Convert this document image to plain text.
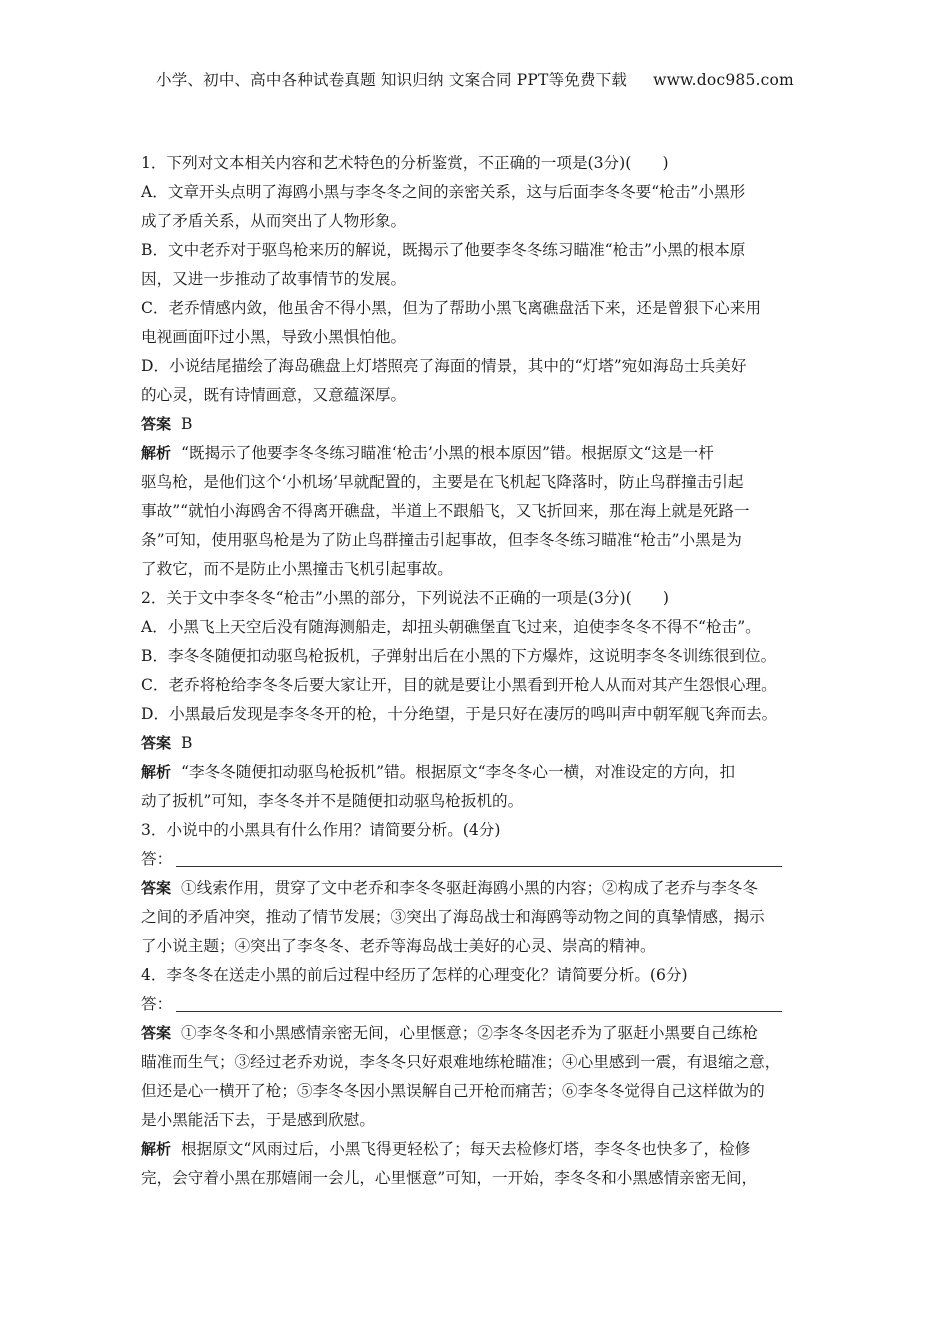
小学、初中、高中各种试卷真题 知识归纳 文案合同 PPT等免费下载 www.doc985.com
1．下列对文本相关内容和艺术特色的分析鉴赏，不正确的一项是(3分)(　　)
A．文章开头点明了海鸥小黑与李冬冬之间的亲密关系，这与后面李冬冬要“枪击”小黑形
成了矛盾关系，从而突出了人物形象。
B．文中老乔对于驱鸟枪来历的解说，既揭示了他要李冬冬练习瞄准“枪击”小黑的根本原
因，又进一步推动了故事情节的发展。
C．老乔情感内敛，他虽舍不得小黑，但为了帮助小黑飞离礁盘活下来，还是曾狠下心来用
电视画面吓过小黑，导致小黑惧怕他。
D．小说结尾描绘了海岛礁盘上灯塔照亮了海面的情景，其中的“灯塔”宛如海岛士兵美好
的心灵，既有诗情画意，又意蕴深厚。
答案 B
解析 “既揭示了他要李冬冬练习瞄准‘枪击’小黑的根本原因”错。根据原文“这是一杆
驱鸟枪，是他们这个‘小机场’早就配置的，主要是在飞机起飞降落时，防止鸟群撞击引起
事故”“就怕小海鸥舍不得离开礁盘，半道上不跟船飞，又飞折回来，那在海上就是死路一
条”可知，使用驱鸟枪是为了防止鸟群撞击引起事故，但李冬冬练习瞄准“枪击”小黑是为
了救它，而不是防止小黑撞击飞机引起事故。
2．关于文中李冬冬“枪击”小黑的部分，下列说法不正确的一项是(3分)(　　)
A．小黑飞上天空后没有随海测船走，却扭头朝礁堡直飞过来，迫使李冬冬不得不“枪击”。
B．李冬冬随便扣动驱鸟枪扳机，子弹射出后在小黑的下方爆炸，这说明李冬冬训练很到位。
C．老乔将枪给李冬冬后要大家让开，目的就是要让小黑看到开枪人从而对其产生怨恨心理。
D．小黑最后发现是李冬冬开的枪，十分绝望，于是只好在凄厉的鸣叫声中朝军舰飞奔而去。
答案 B
解析 “李冬冬随便扣动驱鸟枪扳机”错。根据原文“李冬冬心一横，对准设定的方向，扣
动了扳机”可知，李冬冬并不是随便扣动驱鸟枪扳机的。
3．小说中的小黑具有什么作用？请简要分析。(4分)
答：
答案 ①线索作用，贯穿了文中老乔和李冬冬驱赶海鸥小黑的内容；②构成了老乔与李冬冬
之间的矛盾冲突，推动了情节发展；③突出了海岛战士和海鸥等动物之间的真挚情感，揭示
了小说主题；④突出了李冬冬、老乔等海岛战士美好的心灵、崇高的精神。
4．李冬冬在送走小黑的前后过程中经历了怎样的心理变化？请简要分析。(6分)
答：
答案 ①李冬冬和小黑感情亲密无间，心里惬意；②李冬冬因老乔为了驱赶小黑要自己练枪
瞄准而生气；③经过老乔劝说，李冬冬只好艰难地练枪瞄准；④心里感到一震，有退缩之意，
但还是心一横开了枪；⑤李冬冬因小黑误解自己开枪而痛苦；⑥李冬冬觉得自己这样做为的
是小黑能活下去，于是感到欣慰。
解析 根据原文“风雨过后，小黑飞得更轻松了；每天去检修灯塔，李冬冬也快多了，检修
完，会守着小黑在那嬉闹一会儿，心里惬意”可知，一开始，李冬冬和小黑感情亲密无间，
